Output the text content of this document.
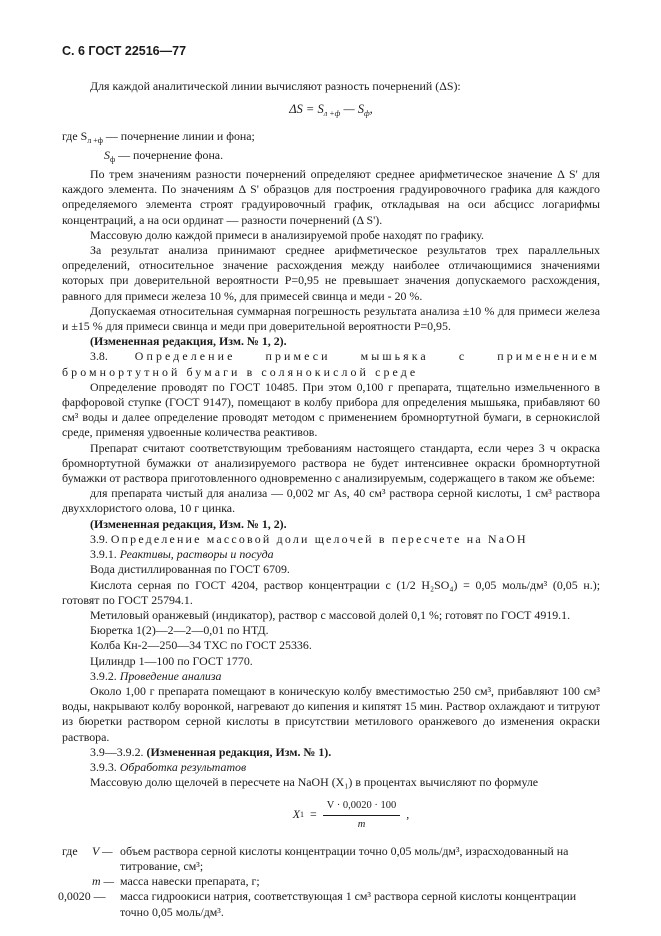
С. 6 ГОСТ 22516—77

Для каждой аналитической линии вычисляют разность почернений (ΔS):

$\Delta S = S_{л +ф}$ — $S_ф$,

где $S_{л +ф}$ — почернение линии и фона;

$S_ф$ — почернение фона.

По трем значениям разности почернений определяют среднее арифметическое значение Δ S' для каждого элемента. По значениям Δ S' образцов для построения градуировочного графика для каждого определяемого элемента строят градуировочный график, откладывая на оси абсцисс логарифмы концентраций, а на оси ординат — разности почернений (Δ S').

Массовую долю каждой примеси в анализируемой пробе находят по графику.

За результат анализа принимают среднее арифметическое результатов трех параллельных определений, относительное значение расхождения между наиболее отличающимися значениями которых при доверительной вероятности P=0,95 не превышает значения допускаемого расхождения, равного для примеси железа 10 %, для примесей свинца и меди - 20 %.

Допускаемая относительная суммарная погрешность результата анализа ±10 % для примеси железа и ±15 % для примеси свинца и меди при доверительной вероятности P=0,95.

(Измененная редакция, Изм. № 1, 2).

3.8. Определение примеси мышьяка с применением бромнортутной бумаги в солянокислой среде

Определение проводят по ГОСТ 10485. При этом 0,100 г препарата, тщательно измельченного в фарфоровой ступке (ГОСТ 9147), помещают в колбу прибора для определения мышьяка, прибавляют 60 см³ воды и далее определение проводят методом с применением бромнортутной бумаги, в сернокислой среде, применяя удвоенные количества реактивов.

Препарат считают соответствующим требованиям настоящего стандарта, если через 3 ч окраска бромнортутной бумажки от анализируемого раствора не будет интенсивнее окраски бромнортутной бумажки от раствора приготовленного одновременно с анализируемым, содержащего в таком же объеме:

для препарата чистый для анализа — 0,002 мг As, 40 см³ раствора серной кислоты, 1 см³ раствора двуххлористого олова, 10 г цинка.

(Измененная редакция, Изм. № 1, 2).

3.9. Определение массовой доли щелочей в пересчете на NaOH

3.9.1. Реактивы, растворы и посуда

Вода дистиллированная по ГОСТ 6709.

Кислота серная по ГОСТ 4204, раствор концентрации c (1/2 H₂SO₄) = 0,05 моль/дм³ (0,05 н.); готовят по ГОСТ 25794.1.

Метиловый оранжевый (индикатор), раствор с массовой долей 0,1 %; готовят по ГОСТ 4919.1.

Бюретка 1(2)—2—2—0,01 по НТД.

Колба Кн-2—250—34 ТХС по ГОСТ 25336.

Цилиндр 1—100 по ГОСТ 1770.

3.9.2. Проведение анализа

Около 1,00 г препарата помещают в коническую колбу вместимостью 250 см³, прибавляют 100 см³ воды, накрывают колбу воронкой, нагревают до кипения и кипятят 15 мин. Раствор охлаждают и титруют из бюретки раствором серной кислоты в присутствии метилового оранжевого до изменения окраски раствора.

3.9—3.9.2. (Измененная редакция, Изм. № 1).

3.9.3. Обработка результатов

Массовую долю щелочей в пересчете на NaOH (X₁) в процентах вычисляют по формуле

X $1 = \frac{V \cdot 0,0020 \cdot 100}{m}$ ,
где	V — объем раствора серной кислоты концентрации точно 0,05 моль/дм³, израсходованный на титрование, см³;
m — масса навески препарата, г;
0,0020 —	масса гидроокиси натрия, соответствующая 1 см³ раствора серной кислоты концентрации точно 0,05 моль/дм³.
